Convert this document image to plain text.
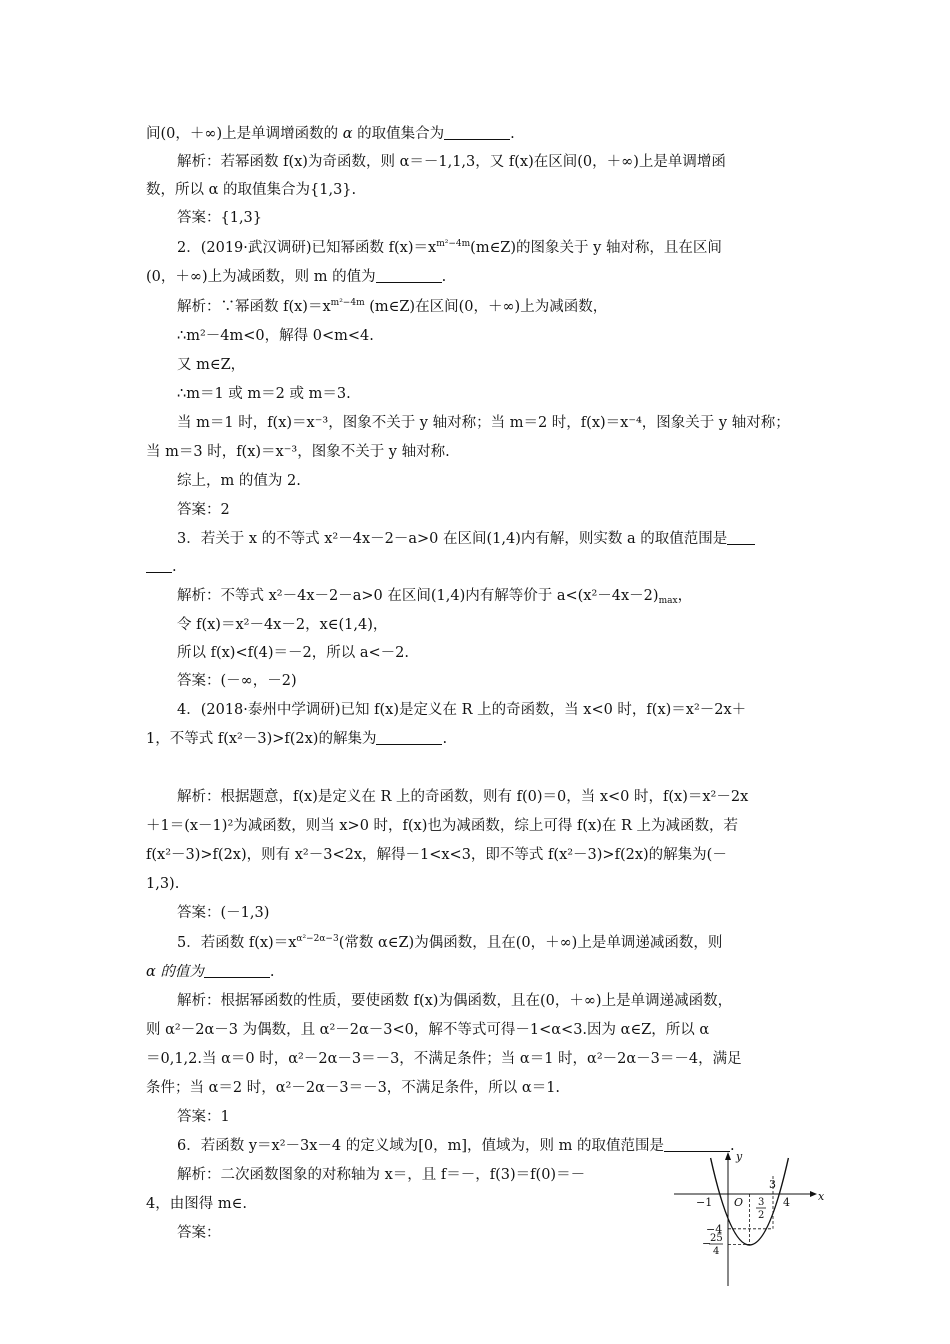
间(0，＋∞)上是单调增函数的 α 的取值集合为	.
解析：若幂函数 f(x)为奇函数，则 α＝－1,1,3，又 f(x)在区间(0，＋∞)上是单调增函
数，所以 α 的取值集合为{1,3}.
答案：{1,3}
2．(2019·武汉调研)已知幂函数 $f(x)=x^{m^2-4m}(m\in Z)$的图象关于 y 轴对称，且在区间
(0，＋∞)上为减函数，则 m 的值为	.
解析：∵幂函数 $f(x)=x^{m^2-4m}$ (m∈Z)在区间(0，＋∞)上为减函数，
∴m²－4m<0，解得 0<m<4.
又 m∈Z，
∴m＝1 或 m＝2 或 m＝3.
当 m＝1 时，f(x)＝x⁻³，图象不关于 y 轴对称；当 m＝2 时，f(x)＝x⁻⁴，图象关于 y 轴对称；
当 m＝3 时，f(x)＝x⁻³，图象不关于 y 轴对称.
综上，m 的值为 2.
答案：2
3．若关于 x 的不等式 x²－4x－2－a>0 在区间(1,4)内有解，则实数 a 的取值范围是
.
解析：不等式 x²－4x－2－a>0 在区间(1,4)内有解等价于 $a<(x^2-4x-2)_{max}$，
令 f(x)＝x²－4x－2，x∈(1,4)，
所以 f(x)<f(4)＝－2，所以 a<－2.
答案：(－∞，－2)
4．(2018·泰州中学调研)已知 f(x)是定义在 R 上的奇函数，当 x<0 时，f(x)＝x²－2x＋
1，不等式 f(x²－3)>f(2x)的解集为	.
解析：根据题意，f(x)是定义在 R 上的奇函数，则有 f(0)＝0，当 x<0 时，f(x)＝x²－2x
＋1＝(x－1)²为减函数，则当 x>0 时，f(x)也为减函数，综上可得 f(x)在 R 上为减函数，若
f(x²－3)>f(2x)，则有 x²－3<2x，解得－1<x<3，即不等式 f(x²－3)>f(2x)的解集为(－
1,3).
答案：(－1,3)
5．若函数 $f(x)=x^{\alpha^2-2\alpha-3}$(常数 α∈Z)为偶函数，且在(0，＋∞)上是单调递减函数，则
α 的值为	.
解析：根据幂函数的性质，要使函数 f(x)为偶函数，且在(0，＋∞)上是单调递减函数，
则 α²－2α－3 为偶数，且 α²－2α－3<0，解不等式可得－1<α<3.因为 α∈Z，所以 α
＝0,1,2.当 α＝0 时，α²－2α－3＝－3，不满足条件；当 α＝1 时，α²－2α－3＝－4，满足
条件；当 α＝2 时，α²－2α－3＝－3，不满足条件，所以 α＝1.
答案：1
6．若函数 y＝x²－3x－4 的定义域为[0，m]，值域为，则 m 的取值范围是	.
解析：二次函数图象的对称轴为 x＝，且 f＝－，f(3)＝f(0)＝－
4，由图得 m∈.
答案：
y
x
O
−1	4
3
3
2
−4
−
25
4
